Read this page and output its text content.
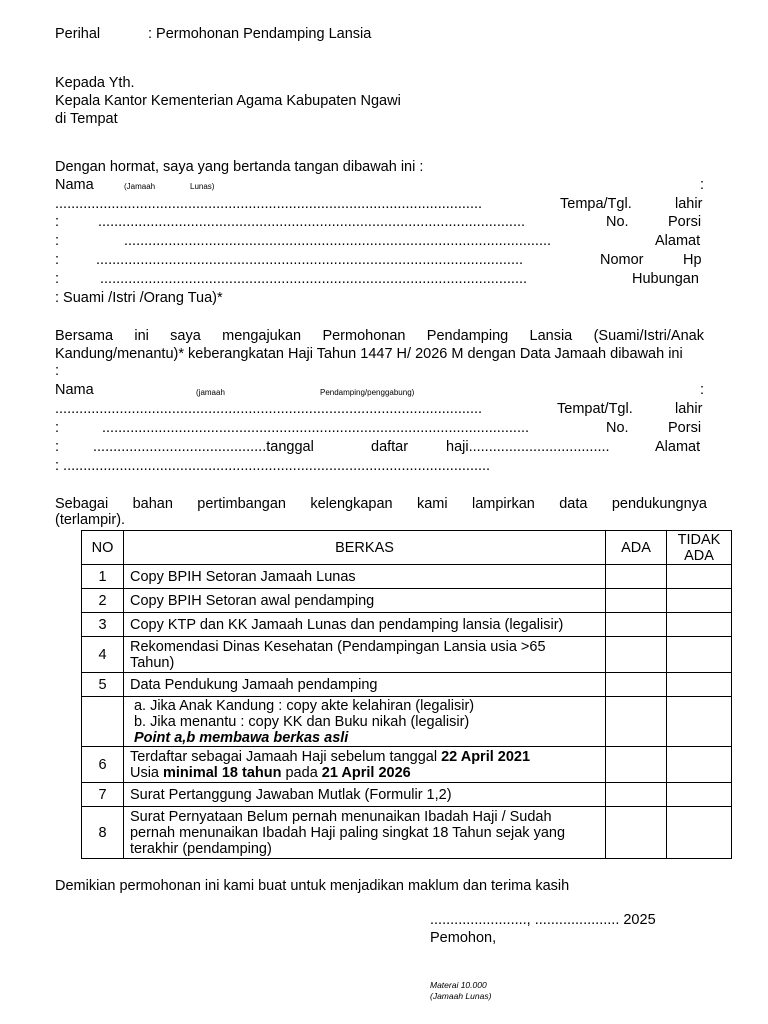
Perihal	: Permohonan Pendamping Lansia
Kepada Yth.
Kepala Kantor Kementerian Agama Kabupaten Ngawi
di Tempat
Dengan hormat, saya yang bertanda tangan dibawah ini :
Nama	(Jamaah	Lunas)	:
..........................................................................................................	Tempa/Tgl.	lahir
:	..........................................................................................................	No.	Porsi
:	..........................................................................................................	Alamat
:	..........................................................................................................	Nomor	Hp
:	..........................................................................................................	Hubungan
: Suami /Istri /Orang Tua)*
Bersama ini saya mengajukan Permohonan Pendamping Lansia (Suami/Istri/Anak
Kandung/menantu)* keberangkatan Haji Tahun 1447 H/ 2026 M dengan Data Jamaah dibawah ini
:
Nama	(jamaah	Pendamping/penggabung)	:
..........................................................................................................	Tempat/Tgl.	lahir
:	..........................................................................................................	No.	Porsi
: ...........................................tanggal	daftar	haji...................................	Alamat
: ..........................................................................................................
Sebagai bahan pertimbangan kelengkapan kami lampirkan data pendukungnya
(terlampir).
NO	BERKAS	ADA	TIDAK
ADA
1	Copy BPIH Setoran Jamaah Lunas		
2	Copy BPIH Setoran awal pendamping		
3	Copy KTP dan KK Jamaah Lunas dan pendamping lansia (legalisir)		
4	Rekomendasi Dinas Kesehatan (Pendampingan Lansia usia >65
Tahun)		
5	Data Pendukung Jamaah pendamping		
	a. Jika Anak Kandung : copy akte kelahiran (legalisir)
b. Jika menantu : copy KK dan Buku nikah (legalisir)
Point a,b membawa berkas asli		
6	Terdaftar sebagai Jamaah Haji sebelum tanggal 22 April 2021
Usia minimal 18 tahun pada 21 April 2026		
7	Surat Pertanggung Jawaban Mutlak (Formulir 1,2)		
8	Surat Pernyataan Belum pernah menunaikan Ibadah Haji / Sudah
pernah menunaikan Ibadah Haji paling singkat 18 Tahun sejak yang
terakhir (pendamping)		
Demikian permohonan ini kami buat untuk menjadikan maklum dan terima kasih
........................, ..................... 2025
Pemohon,
Materai 10.000
(Jamaah Lunas)
